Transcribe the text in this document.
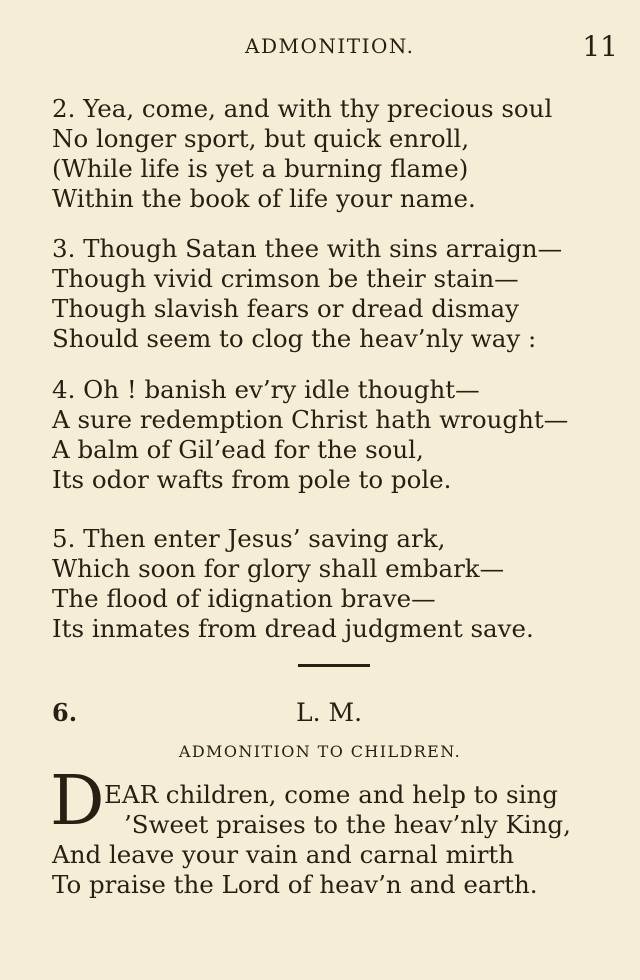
ADMONITION.	11
2. Yea, come, and with thy precious soul
No longer sport, but quick enroll,
(While life is yet a burning flame)
Within the book of life your name.
3. Though Satan thee with sins arraign—
Though vivid crimson be their stain—
Though slavish fears or dread dismay
Should seem to clog the heav’nly way :
4. Oh ! banish ev’ry idle thought—
A sure redemption Christ hath wrought—
A balm of Gil’ead for the soul,
Its odor wafts from pole to pole.
5. Then enter Jesus’ saving ark,
Which soon for glory shall embark—
The flood of idignation brave—
Its inmates from dread judgment save.
6.	L. M.
ADMONITION TO CHILDREN.
D EAR children, come and help to sing
’Sweet praises to the heav’nly King,
And leave your vain and carnal mirth
To praise the Lord of heav’n and earth.
